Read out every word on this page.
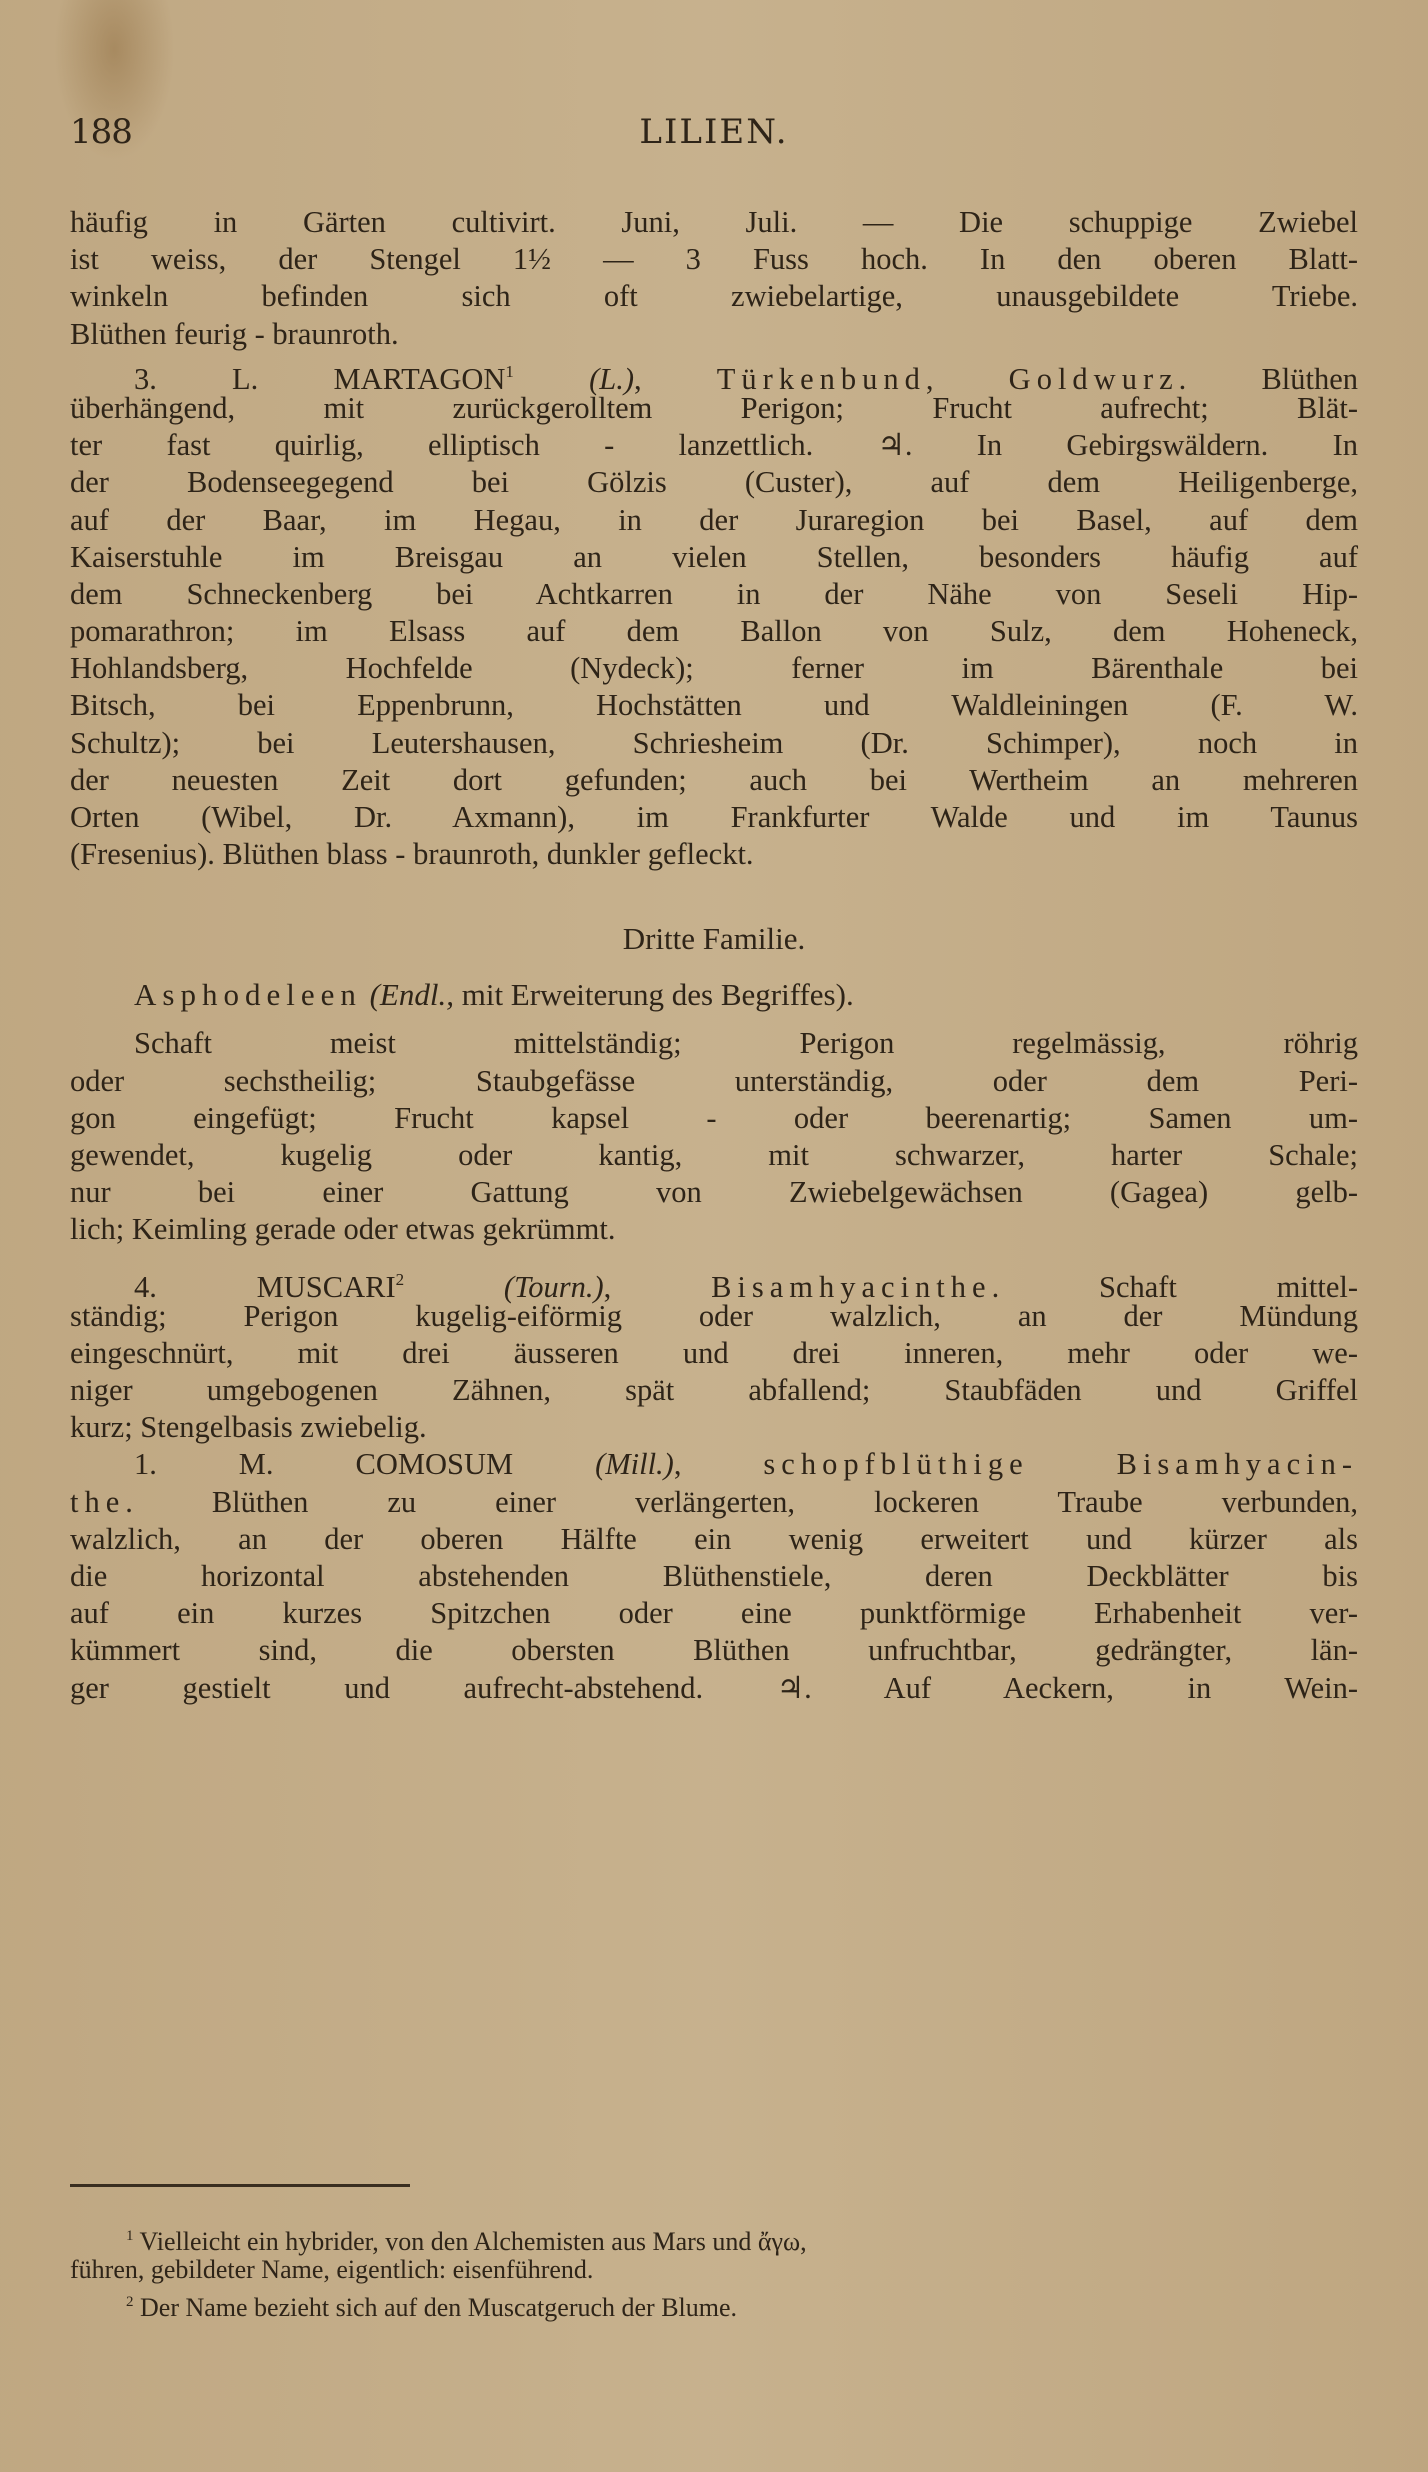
188	LILIEN.
häufig in Gärten cultivirt. Juni, Juli. — Die schuppige Zwiebel
ist weiss, der Stengel 1½ — 3 Fuss hoch. In den oberen Blatt-
winkeln befinden sich oft zwiebelartige, unausgebildete Triebe.
Blüthen feurig - braunroth.
3. L. MARTAGON$^1$ (L.), Türkenbund, Goldwurz. Blüthen
überhängend, mit zurückgerolltem Perigon; Frucht aufrecht; Blät-
ter fast quirlig, elliptisch - lanzettlich. ♃. In Gebirgswäldern. In
der Bodenseegegend bei Gölzis (Custer), auf dem Heiligenberge,
auf der Baar, im Hegau, in der Juraregion bei Basel, auf dem
Kaiserstuhle im Breisgau an vielen Stellen, besonders häufig auf
dem Schneckenberg bei Achtkarren in der Nähe von Seseli Hip-
pomarathron; im Elsass auf dem Ballon von Sulz, dem Hoheneck,
Hohlandsberg, Hochfelde (Nydeck); ferner im Bärenthale bei
Bitsch, bei Eppenbrunn, Hochstätten und Waldleiningen (F. W.
Schultz); bei Leutershausen, Schriesheim (Dr. Schimper), noch in
der neuesten Zeit dort gefunden; auch bei Wertheim an mehreren
Orten (Wibel, Dr. Axmann), im Frankfurter Walde und im Taunus
(Fresenius). Blüthen blass - braunroth, dunkler gefleckt.
Dritte Familie.
Asphodeleen (Endl., mit Erweiterung des Begriffes).
Schaft meist mittelständig; Perigon regelmässig, röhrig
oder sechstheilig; Staubgefässe unterständig, oder dem Peri-
gon eingefügt; Frucht kapsel - oder beerenartig; Samen um-
gewendet, kugelig oder kantig, mit schwarzer, harter Schale;
nur bei einer Gattung von Zwiebelgewächsen (Gagea) gelb-
lich; Keimling gerade oder etwas gekrümmt.
4.	MUSCARI$^2$	(Tourn.), Bisamhyacinthe. Schaft mittel-
ständig; Perigon kugelig-eiförmig oder walzlich, an der Mündung
eingeschnürt, mit drei äusseren und drei inneren, mehr oder we-
niger umgebogenen Zähnen, spät abfallend; Staubfäden und Griffel
kurz; Stengelbasis zwiebelig.
1. M.	COMOSUM	(Mill.), schopfblüthige Bisamhyacin-
the. Blüthen zu einer verlängerten, lockeren Traube verbunden,
walzlich, an der oberen Hälfte ein wenig erweitert und kürzer als
die horizontal abstehenden Blüthenstiele, deren Deckblätter bis
auf ein kurzes Spitzchen oder eine punktförmige Erhabenheit ver-
kümmert sind, die obersten Blüthen unfruchtbar, gedrängter, län-
ger gestielt und aufrecht-abstehend. ♃. Auf Aeckern, in Wein-
$^1$ Vielleicht ein hybrider, von den Alchemisten aus Mars und ἄγω,
führen, gebildeter Name, eigentlich: eisenführend.
$^2$ Der Name bezieht sich auf den Muscatgeruch der Blume.
